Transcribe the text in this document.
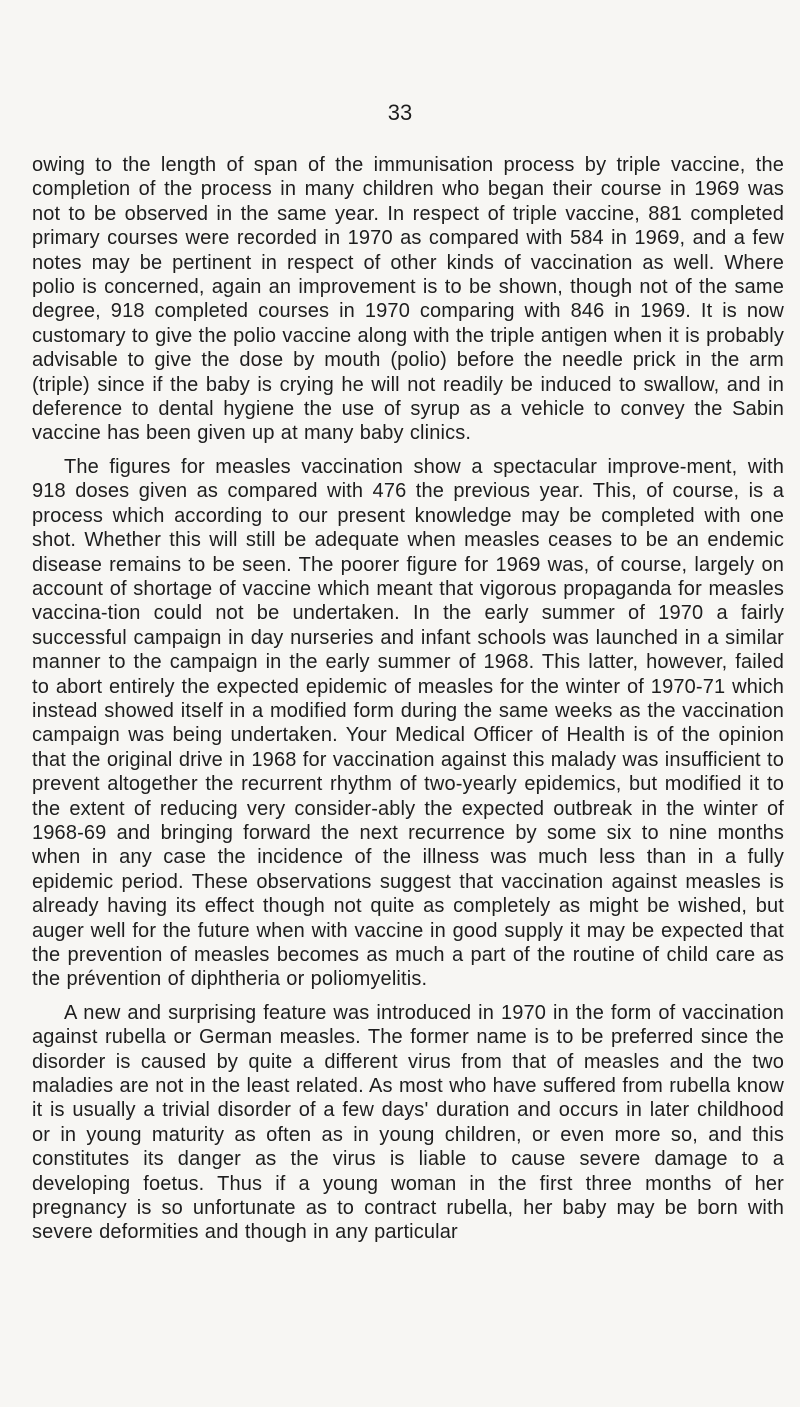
33

owing to the length of span of the immunisation process by triple vaccine, the completion of the process in many children who began their course in 1969 was not to be observed in the same year. In respect of triple vaccine, 881 completed primary courses were recorded in 1970 as compared with 584 in 1969, and a few notes may be pertinent in respect of other kinds of vaccination as well. Where polio is concerned, again an improvement is to be shown, though not of the same degree, 918 completed courses in 1970 comparing with 846 in 1969. It is now customary to give the polio vaccine along with the triple antigen when it is probably advisable to give the dose by mouth (polio) before the needle prick in the arm (triple) since if the baby is crying he will not readily be induced to swallow, and in deference to dental hygiene the use of syrup as a vehicle to convey the Sabin vaccine has been given up at many baby clinics.

The figures for measles vaccination show a spectacular improve-ment, with 918 doses given as compared with 476 the previous year. This, of course, is a process which according to our present knowledge may be completed with one shot. Whether this will still be adequate when measles ceases to be an endemic disease remains to be seen. The poorer figure for 1969 was, of course, largely on account of shortage of vaccine which meant that vigorous propaganda for measles vaccina-tion could not be undertaken. In the early summer of 1970 a fairly successful campaign in day nurseries and infant schools was launched in a similar manner to the campaign in the early summer of 1968. This latter, however, failed to abort entirely the expected epidemic of measles for the winter of 1970-71 which instead showed itself in a modified form during the same weeks as the vaccination campaign was being undertaken. Your Medical Officer of Health is of the opinion that the original drive in 1968 for vaccination against this malady was insufficient to prevent altogether the recurrent rhythm of two-yearly epidemics, but modified it to the extent of reducing very consider-ably the expected outbreak in the winter of 1968-69 and bringing forward the next recurrence by some six to nine months when in any case the incidence of the illness was much less than in a fully epidemic period. These observations suggest that vaccination against measles is already having its effect though not quite as completely as might be wished, but auger well for the future when with vaccine in good supply it may be expected that the prevention of measles becomes as much a part of the routine of child care as the prévention of diphtheria or poliomyelitis.

A new and surprising feature was introduced in 1970 in the form of vaccination against rubella or German measles. The former name is to be preferred since the disorder is caused by quite a different virus from that of measles and the two maladies are not in the least related. As most who have suffered from rubella know it is usually a trivial disorder of a few days' duration and occurs in later childhood or in young maturity as often as in young children, or even more so, and this constitutes its danger as the virus is liable to cause severe damage to a developing foetus. Thus if a young woman in the first three months of her pregnancy is so unfortunate as to contract rubella, her baby may be born with severe deformities and though in any particular
